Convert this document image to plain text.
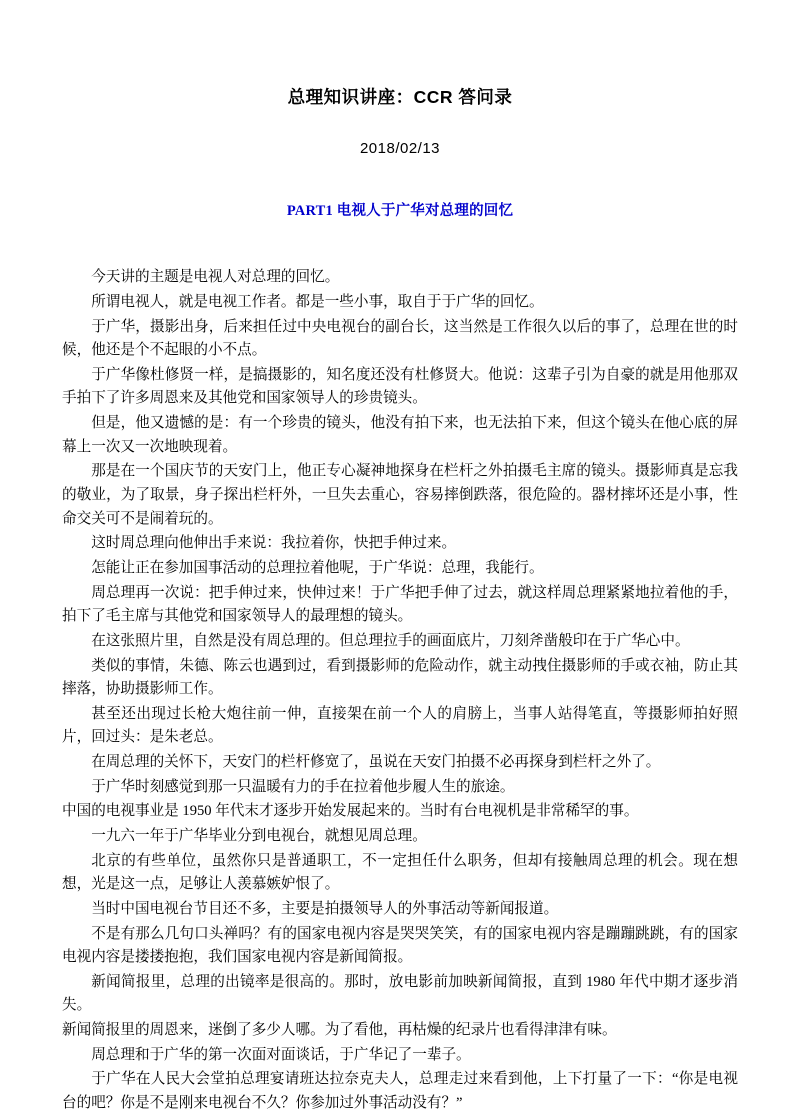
总理知识讲座：CCR 答问录
2018/02/13
PART1 电视人于广华对总理的回忆

今天讲的主题是电视人对总理的回忆。

所谓电视人，就是电视工作者。都是一些小事，取自于于广华的回忆。

于广华，摄影出身，后来担任过中央电视台的副台长，这当然是工作很久以后的事了，总理在世的时候，他还是个不起眼的小不点。

于广华像杜修贤一样，是搞摄影的，知名度还没有杜修贤大。他说：这辈子引为自豪的就是用他那双手拍下了许多周恩来及其他党和国家领导人的珍贵镜头。

但是，他又遗憾的是：有一个珍贵的镜头，他没有拍下来，也无法拍下来，但这个镜头在他心底的屏幕上一次又一次地映现着。

那是在一个国庆节的天安门上，他正专心凝神地探身在栏杆之外拍摄毛主席的镜头。摄影师真是忘我的敬业，为了取景，身子探出栏杆外，一旦失去重心，容易摔倒跌落，很危险的。器材摔坏还是小事，性命交关可不是闹着玩的。

这时周总理向他伸出手来说：我拉着你，快把手伸过来。

怎能让正在参加国事活动的总理拉着他呢，于广华说：总理，我能行。

周总理再一次说：把手伸过来，快伸过来！于广华把手伸了过去，就这样周总理紧紧地拉着他的手，拍下了毛主席与其他党和国家领导人的最理想的镜头。

在这张照片里，自然是没有周总理的。但总理拉手的画面底片，刀刻斧凿般印在于广华心中。

类似的事情，朱德、陈云也遇到过，看到摄影师的危险动作，就主动拽住摄影师的手或衣袖，防止其摔落，协助摄影师工作。

甚至还出现过长枪大炮往前一伸，直接架在前一个人的肩膀上，当事人站得笔直，等摄影师拍好照片，回过头：是朱老总。

在周总理的关怀下，天安门的栏杆修宽了，虽说在天安门拍摄不必再探身到栏杆之外了。

于广华时刻感觉到那一只温暖有力的手在拉着他步履人生的旅途。

中国的电视事业是 1950 年代末才逐步开始发展起来的。当时有台电视机是非常稀罕的事。

一九六一年于广华毕业分到电视台，就想见周总理。

北京的有些单位，虽然你只是普通职工，不一定担任什么职务，但却有接触周总理的机会。现在想想，光是这一点，足够让人羡慕嫉妒恨了。

当时中国电视台节目还不多，主要是拍摄领导人的外事活动等新闻报道。

不是有那么几句口头禅吗？有的国家电视内容是哭哭笑笑，有的国家电视内容是蹦蹦跳跳，有的国家电视内容是搂搂抱抱，我们国家电视内容是新闻简报。

新闻简报里，总理的出镜率是很高的。那时，放电影前加映新闻简报，直到 1980 年代中期才逐步消失。

新闻简报里的周恩来，迷倒了多少人哪。为了看他，再枯燥的纪录片也看得津津有味。

周总理和于广华的第一次面对面谈话，于广华记了一辈子。

于广华在人民大会堂拍总理宴请班达拉奈克夫人，总理走过来看到他，上下打量了一下：“你是电视台的吧？你是不是刚来电视台不久？你参加过外事活动没有？”
